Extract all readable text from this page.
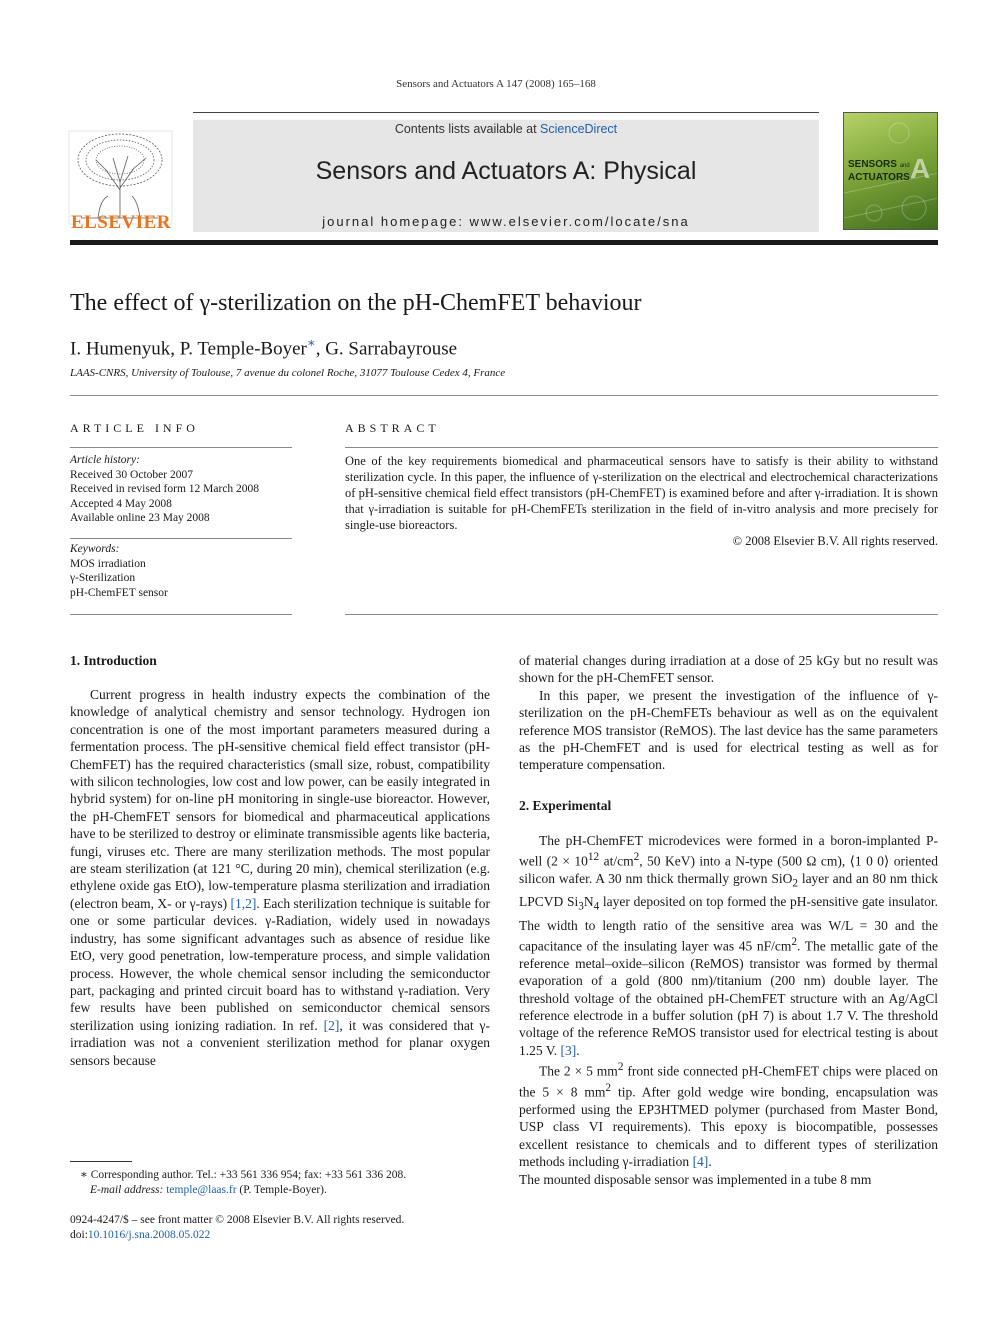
Sensors and Actuators A 147 (2008) 165–168
ELSEVIER
Contents lists available at ScienceDirect
Sensors and Actuators A: Physical
journal homepage: www.elsevier.com/locate/sna
SENSORS and
ACTUATORS A
The effect of γ-sterilization on the pH-ChemFET behaviour
I. Humenyuk, P. Temple-Boyer∗, G. Sarrabayrouse
LAAS-CNRS, University of Toulouse, 7 avenue du colonel Roche, 31077 Toulouse Cedex 4, France
ARTICLE INFO
Article history:
Received 30 October 2007
Received in revised form 12 March 2008
Accepted 4 May 2008
Available online 23 May 2008
Keywords:
MOS irradiation
γ-Sterilization
pH-ChemFET sensor
ABSTRACT
One of the key requirements biomedical and pharmaceutical sensors have to satisfy is their ability to withstand sterilization cycle. In this paper, the influence of γ-sterilization on the electrical and electrochemical characterizations of pH-sensitive chemical field effect transistors (pH-ChemFET) is examined before and after γ-irradiation. It is shown that γ-irradiation is suitable for pH-ChemFETs sterilization in the field of in-vitro analysis and more precisely for single-use bioreactors.
© 2008 Elsevier B.V. All rights reserved.
1. Introduction

Current progress in health industry expects the combination of the knowledge of analytical chemistry and sensor technology. Hydrogen ion concentration is one of the most important parameters measured during a fermentation process. The pH-sensitive chemical field effect transistor (pH-ChemFET) has the required characteristics (small size, robust, compatibility with silicon technologies, low cost and low power, can be easily integrated in hybrid system) for on-line pH monitoring in single-use bioreactor. However, the pH-ChemFET sensors for biomedical and pharmaceutical applications have to be sterilized to destroy or eliminate transmissible agents like bacteria, fungi, viruses etc. There are many sterilization methods. The most popular are steam sterilization (at 121 °C, during 20 min), chemical sterilization (e.g. ethylene oxide gas EtO), low-temperature plasma sterilization and irradiation (electron beam, X- or γ-rays) [1,2]. Each sterilization technique is suitable for one or some particular devices. γ-Radiation, widely used in nowadays industry, has some significant advantages such as absence of residue like EtO, very good penetration, low-temperature process, and simple validation process. However, the whole chemical sensor including the semiconductor part, packaging and printed circuit board has to withstand γ-radiation. Very few results have been published on semiconductor chemical sensors sterilization using ionizing radiation. In ref. [2], it was considered that γ-irradiation was not a convenient sterilization method for planar oxygen sensors because

∗ Corresponding author. Tel.: +33 561 336 954; fax: +33 561 336 208.
E-mail address: temple@laas.fr (P. Temple-Boyer).
0924-4247/$ – see front matter © 2008 Elsevier B.V. All rights reserved.
doi:10.1016/j.sna.2008.05.022
of material changes during irradiation at a dose of 25 kGy but no result was shown for the pH-ChemFET sensor.

In this paper, we present the investigation of the influence of γ-sterilization on the pH-ChemFETs behaviour as well as on the equivalent reference MOS transistor (ReMOS). The last device has the same parameters as the pH-ChemFET and is used for electrical testing as well as for temperature compensation.

2. Experimental

The pH-ChemFET microdevices were formed in a boron-implanted P-well ($2 \times 10^{12}$ $at/cm^2$, 50 KeV) into a N-type (500 Ω cm), ⟨1 0 0⟩ oriented silicon wafer. A 30 nm thick thermally grown SiO$_2$ layer and an 80 nm thick LPCVD $Si_3N_4$ layer deposited on top formed the pH-sensitive gate insulator. The width to length ratio of the sensitive area was W/L = 30 and the capacitance of the insulating layer was 45 $nF/cm^2$. The metallic gate of the reference metal–oxide–silicon (ReMOS) transistor was formed by thermal evaporation of a gold (800 nm)/titanium (200 nm) double layer. The threshold voltage of the obtained pH-ChemFET structure with an Ag/AgCl reference electrode in a buffer solution (pH 7) is about 1.7 V. The threshold voltage of the reference ReMOS transistor used for electrical testing is about 1.25 V. [3].

The 2 × 5 $mm^2$ front side connected pH-ChemFET chips were placed on the 5 × 8 $mm^2$ tip. After gold wedge wire bonding, encapsulation was performed using the EP3HTMED polymer (purchased from Master Bond, USP class VI requirements). This epoxy is biocompatible, possesses excellent resistance to chemicals and to different types of sterilization methods including γ-irradiation [4].

The mounted disposable sensor was implemented in a tube 8 mm
